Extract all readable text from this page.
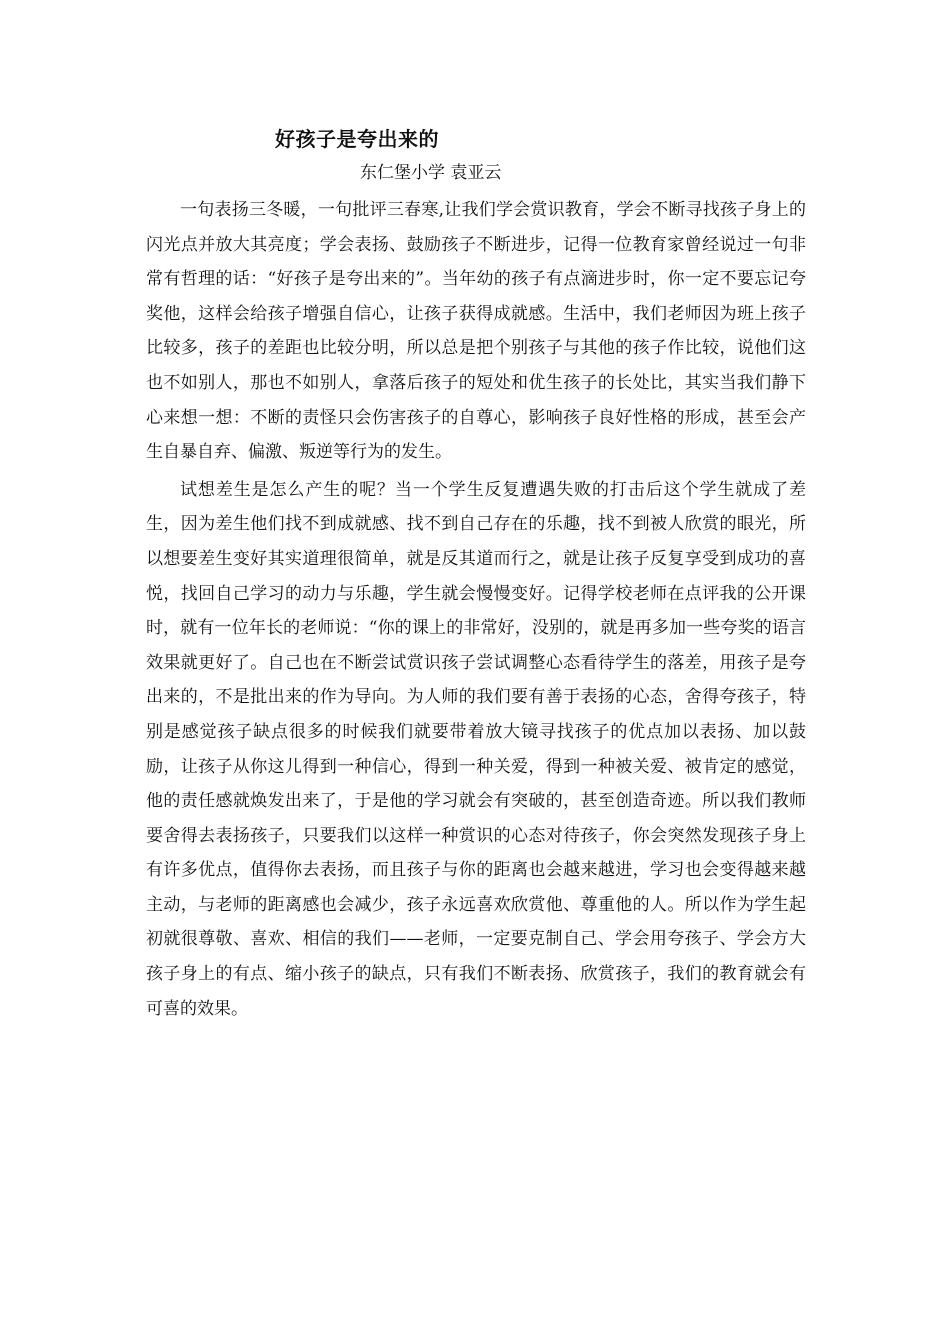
好孩子是夸出来的
东仁堡小学 袁亚云

一句表扬三冬暖，一句批评三春寒,让我们学会赏识教育，学会不断寻找孩子身上的闪光点并放大其亮度；学会表扬、鼓励孩子不断进步，记得一位教育家曾经说过一句非常有哲理的话：“好孩子是夸出来的”。当年幼的孩子有点滴进步时，你一定不要忘记夸奖他，这样会给孩子增强自信心，让孩子获得成就感。生活中，我们老师因为班上孩子比较多，孩子的差距也比较分明，所以总是把个别孩子与其他的孩子作比较，说他们这也不如别人，那也不如别人，拿落后孩子的短处和优生孩子的长处比，其实当我们静下心来想一想：不断的责怪只会伤害孩子的自尊心，影响孩子良好性格的形成，甚至会产生自暴自弃、偏激、叛逆等行为的发生。

试想差生是怎么产生的呢？当一个学生反复遭遇失败的打击后这个学生就成了差生，因为差生他们找不到成就感、找不到自己存在的乐趣，找不到被人欣赏的眼光，所以想要差生变好其实道理很简单，就是反其道而行之，就是让孩子反复享受到成功的喜悦，找回自己学习的动力与乐趣，学生就会慢慢变好。记得学校老师在点评我的公开课时，就有一位年长的老师说：“你的课上的非常好，没别的，就是再多加一些夸奖的语言效果就更好了。自己也在不断尝试赏识孩子尝试调整心态看待学生的落差，用孩子是夸出来的，不是批出来的作为导向。为人师的我们要有善于表扬的心态，舍得夸孩子，特别是感觉孩子缺点很多的时候我们就要带着放大镜寻找孩子的优点加以表扬、加以鼓励，让孩子从你这儿得到一种信心，得到一种关爱，得到一种被关爱、被肯定的感觉，他的责任感就焕发出来了，于是他的学习就会有突破的，甚至创造奇迹。所以我们教师要舍得去表扬孩子，只要我们以这样一种赏识的心态对待孩子，你会突然发现孩子身上有许多优点，值得你去表扬，而且孩子与你的距离也会越来越进，学习也会变得越来越主动，与老师的距离感也会减少，孩子永远喜欢欣赏他、尊重他的人。所以作为学生起初就很尊敬、喜欢、相信的我们——老师，一定要克制自己、学会用夸孩子、学会方大孩子身上的有点、缩小孩子的缺点，只有我们不断表扬、欣赏孩子，我们的教育就会有可喜的效果。
